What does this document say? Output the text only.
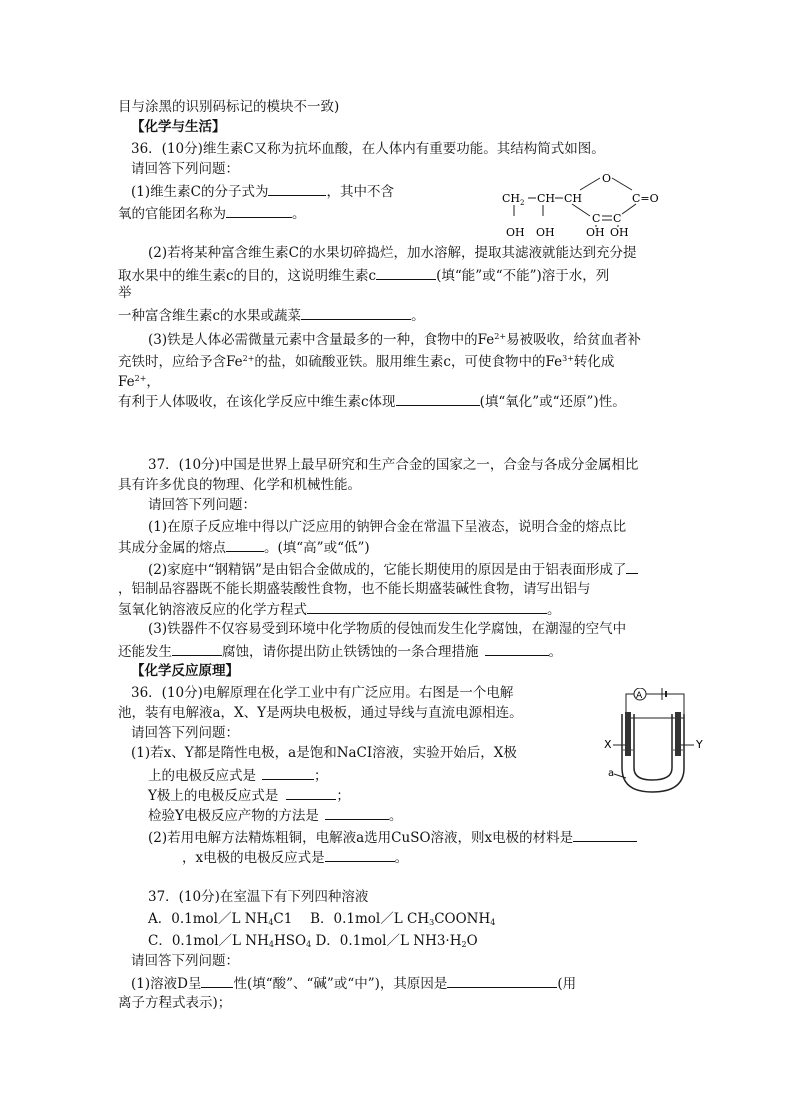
目与涂黑的识别码标记的模块不一致)
【化学与生活】
36．(10分)维生素C又称为抗坏血酸，在人体内有重要功能。其结构简式如图。
请回答下列问题：
(1)维生素C的分子式为	，其中不含
氧的官能团名称为	。
$CH_2$ CH CH
O
C=O
C C
OH OH	OH OH
(2)若将某种富含维生素C的水果切碎捣烂，加水溶解，提取其滤液就能达到充分提
取水果中的维生素c的目的，这说明维生素c	(填“能”或“不能”)溶于水，列
举
一种富含维生素c的水果或蔬菜	。
(3)铁是人体必需微量元素中含量最多的一种，食物中的$Fe^{2+}$易被吸收，给贫血者补
充铁时，应给予含$Fe^{2+}$的盐，如硫酸亚铁。服用维生素c，可使食物中的$Fe^{3+}$转化成
$Fe^{2+}$，
有利于人体吸收，在该化学反应中维生素c体现	(填“氧化”或“还原”)性。
37．(10分)中国是世界上最早研究和生产合金的国家之一，合金与各成分金属相比
具有许多优良的物理、化学和机械性能。
请回答下列问题：
(1)在原子反应堆中得以广泛应用的钠钾合金在常温下呈液态，说明合金的熔点比
其成分金属的熔点	。(填“高”或“低”)
(2)家庭中“钢精锅”是由铝合金做成的，它能长期使用的原因是由于铝表面形成了
，铝制品容器既不能长期盛装酸性食物，也不能长期盛装碱性食物，请写出铝与
氢氧化钠溶液反应的化学方程式	。
(3)铁器件不仅容易受到环境中化学物质的侵蚀而发生化学腐蚀，在潮湿的空气中
还能发生	腐蚀，请你提出防止铁锈蚀的一条合理措施	。
【化学反应原理】
36．(10分)电解原理在化学工业中有广泛应用。右图是一个电解
池，装有电解液a，X、Y是两块电极板，通过导线与直流电源相连。
请回答下列问题：
(1)若x、Y都是隋性电极，a是饱和NaCI溶液，实验开始后，X极
上的电极反应式是	；
Y极上的电极反应式是	；
检验Y电极反应产物的方法是	。
(2)若用电解方法精炼粗铜，电解液a选用CuSO溶液，则x电极的材料是
，x电极的电极反应式是	。
A
X	Y
a
37．(10分)在室温下有下列四种溶液
A．0.1mol／L $NH_4C1$　 B．0.1mol／L $CH_3COONH_4$
C．0.1mol／L $NH_4HSO_4$ D．0.1mol／L $NH3\cdot H_2O$
请回答下列问题：
(1)溶液D呈 性(填“酸”、“碱”或“中”)，其原因是	(用
离子方程式表示)；
